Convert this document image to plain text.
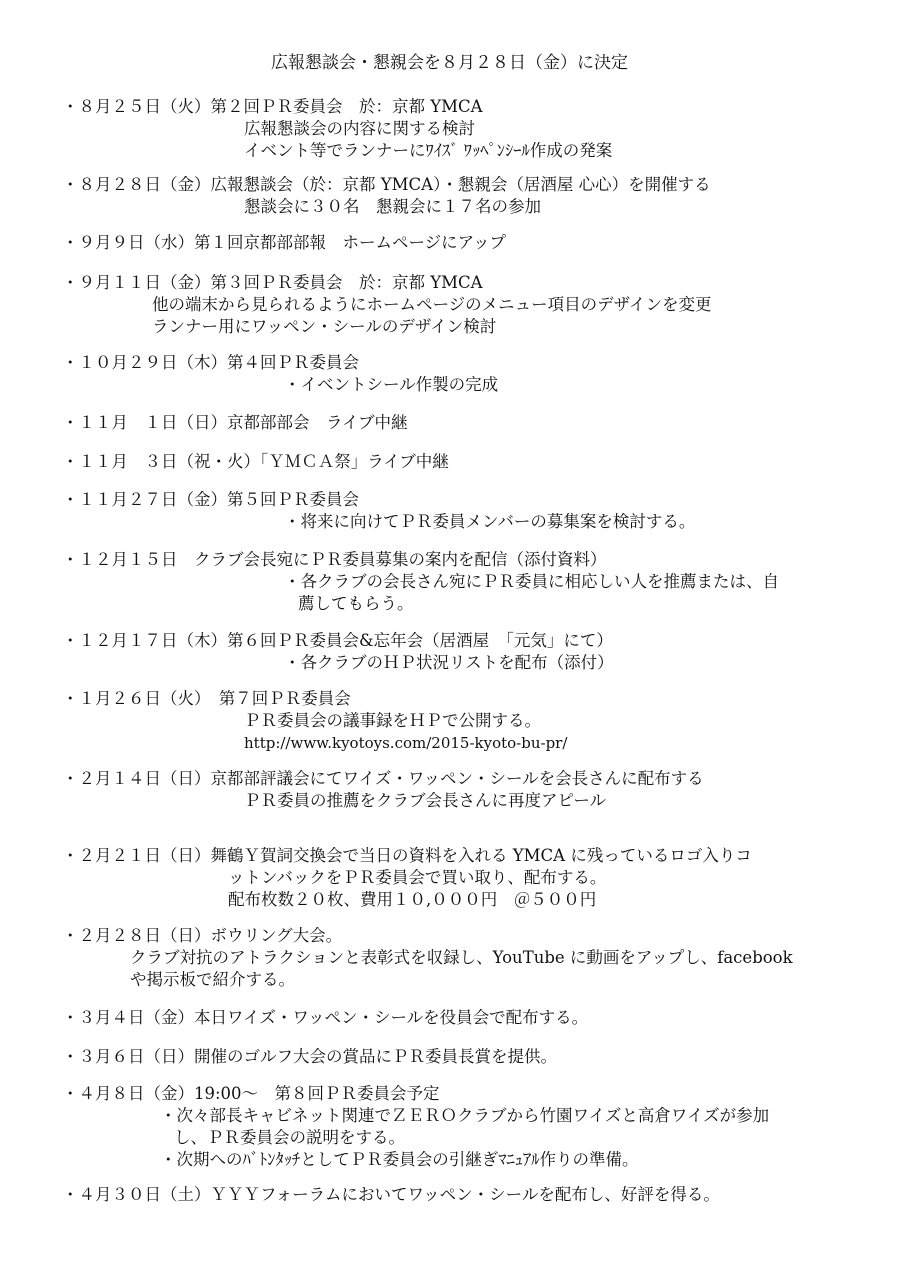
広報懇談会・懇親会を８月２８日（金）に決定
・８月２５日（火）第２回ＰＲ委員会　於：京都 YMCA
広報懇談会の内容に関する検討
イベント等でランナーにﾜｲｽﾞ ﾜｯﾍﾟﾝｼｰﾙ作成の発案
・８月２８日（金）広報懇談会（於：京都 YMCA）・懇親会（居酒屋 心心）を開催する
懇談会に３０名　懇親会に１７名の参加
・９月９日（水）第１回京都部部報　ホームページにアップ
・９月１１日（金）第３回ＰＲ委員会　於：京都 YMCA
他の端末から見られるようにホームページのメニュー項目のデザインを変更
ランナー用にワッペン・シールのデザイン検討
・１０月２９日（木）第４回ＰＲ委員会
・イベントシール作製の完成
・１１月　１日（日）京都部部会　ライブ中継
・１１月　３日（祝・火）「ＹＭＣＡ祭」ライブ中継
・１１月２７日（金）第５回ＰＲ委員会
・将来に向けてＰＲ委員メンバーの募集案を検討する。
・１２月１５日　クラブ会長宛にＰＲ委員募集の案内を配信（添付資料）
・各クラブの会長さん宛にＰＲ委員に相応しい人を推薦または、自
薦してもらう。
・１２月１７日（木）第６回ＰＲ委員会&忘年会（居酒屋　「元気」にて）
・各クラブのＨＰ状況リストを配布（添付）
・１月２６日（火）　第７回ＰＲ委員会
ＰＲ委員会の議事録をＨＰで公開する。
http://www.kyotoys.com/2015-kyoto-bu-pr/
・２月１４日（日）京都部評議会にてワイズ・ワッペン・シールを会長さんに配布する
ＰＲ委員の推薦をクラブ会長さんに再度アピール
・２月２１日（日）舞鶴Ｙ賀詞交換会で当日の資料を入れる YMCA に残っているロゴ入りコ
ットンバックをＰＲ委員会で買い取り、配布する。
配布枚数２０枚、費用１０,０００円　＠５００円
・２月２８日（日）ボウリング大会。
クラブ対抗のアトラクションと表彰式を収録し、YouTube に動画をアップし、facebook
や掲示板で紹介する。
・３月４日（金）本日ワイズ・ワッペン・シールを役員会で配布する。
・３月６日（日）開催のゴルフ大会の賞品にＰＲ委員長賞を提供。
・４月８日（金）19:00～　第８回ＰＲ委員会予定
・次々部長キャビネット関連でＺＥＲＯクラブから竹園ワイズと高倉ワイズが参加
し、ＰＲ委員会の説明をする。
・次期へのﾊﾞﾄﾝﾀｯﾁとしてＰＲ委員会の引継ぎﾏﾆｭｱﾙ作りの準備。
・４月３０日（土）ＹＹＹフォーラムにおいてワッペン・シールを配布し、好評を得る。
